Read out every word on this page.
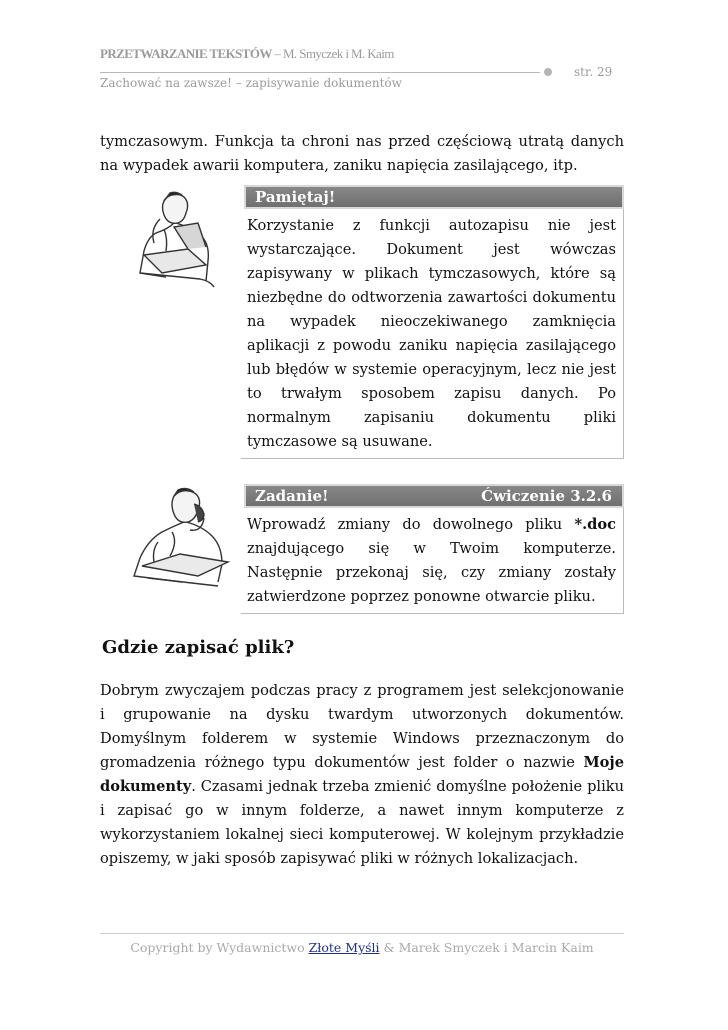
PRZETWARZANIE TEKSTÓW – M. Smyczek i M. Kaim
str. 29
Zachować na zawsze! – zapisywanie dokumentów
tymczasowym. Funkcja ta chroni nas przed częściową utratą danych na wypadek awarii komputera, zaniku napięcia zasilającego, itp.
Pamiętaj!
Korzystanie z funkcji autozapisu nie jest wystarczające. Dokument jest wówczas zapisywany w plikach tymczasowych, które są niezbędne do odtworzenia zawartości dokumentu na wypadek nieoczekiwanego zamknięcia aplikacji z powodu zaniku napięcia zasilającego lub błędów w systemie operacyjnym, lecz nie jest to trwałym sposobem zapisu danych. Po normalnym zapisaniu dokumentu pliki tymczasowe są usuwane.
Zadanie!	Ćwiczenie 3.2.6
Wprowadź zmiany do dowolnego pliku *.doc znajdującego się w Twoim komputerze. Następnie przekonaj się, czy zmiany zostały zatwierdzone poprzez ponowne otwarcie pliku.
Gdzie zapisać plik?
Dobrym zwyczajem podczas pracy z programem jest selekcjonowanie i grupowanie na dysku twardym utworzonych dokumentów. Domyślnym folderem w systemie Windows przeznaczonym do gromadzenia różnego typu dokumentów jest folder o nazwie Moje dokumenty. Czasami jednak trzeba zmienić domyślne położenie pliku i zapisać go w innym folderze, a nawet innym komputerze z wykorzystaniem lokalnej sieci komputerowej. W kolejnym przykładzie opiszemy, w jaki sposób zapisywać pliki w różnych lokalizacjach.
Copyright by Wydawnictwo Złote Myśli & Marek Smyczek i Marcin Kaim
